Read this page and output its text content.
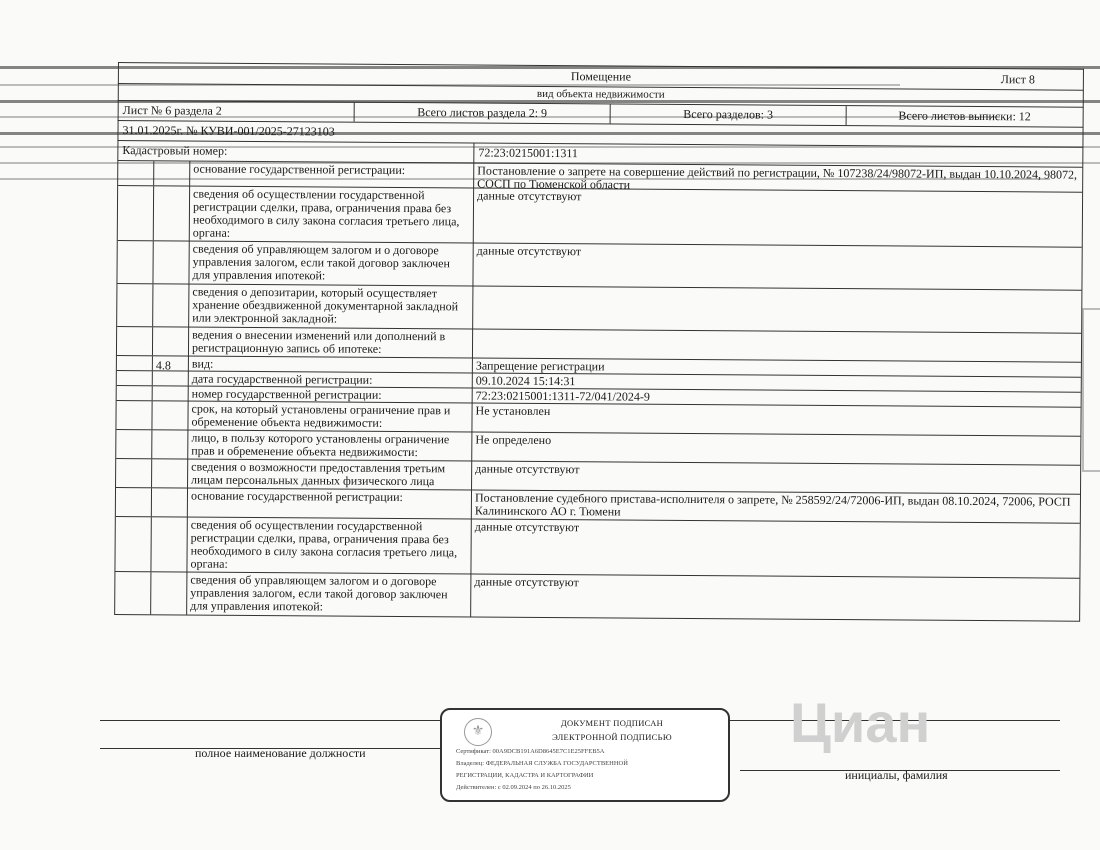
Помещение	Лист 8
вид объекта недвижимости
Лист № 6 раздела 2	Всего листов раздела 2: 9	Всего разделов: 3	Всего листов выписки: 12
31.01.2025г. № КУВИ-001/2025-27123103
Кадастровый номер:	72:23:0215001:1311
основание государственной регистрации:	Постановление о запрете на совершение действий по регистрации, № 107238/24/98072-ИП, выдан 10.10.2024, 98072, СОСП по Тюменской области
сведения об осуществлении государственной регистрации сделки, права, ограничения права без необходимого в силу закона согласия третьего лица, органа:
данные отсутствуют
сведения об управляющем залогом и о договоре управления залогом, если такой договор заключен для управления ипотекой:
данные отсутствуют
сведения о депозитарии, который осуществляет хранение обездвиженной документарной закладной или электронной закладной:
ведения о внесении изменений или дополнений в регистрационную запись об ипотеке:
4.8	вид:	Запрещение регистрации
дата государственной регистрации:	09.10.2024 15:14:31
номер государственной регистрации:	72:23:0215001:1311-72/041/2024-9
срок, на который установлены ограничение прав и обременение объекта недвижимости:
Не установлен
лицо, в пользу которого установлены ограничение прав и обременение объекта недвижимости:
Не определено
сведения о возможности предоставления третьим лицам персональных данных физического лица
данные отсутствуют
основание государственной регистрации:	Постановление судебного пристава-исполнителя о запрете, № 258592/24/72006-ИП, выдан 08.10.2024, 72006, РОСП Калининского АО г. Тюмени
сведения об осуществлении государственной регистрации сделки, права, ограничения права без необходимого в силу закона согласия третьего лица, органа:
данные отсутствуют
сведения об управляющем залогом и о договоре управления залогом, если такой договор заключен для управления ипотекой:
данные отсутствуют
полное наименование должности
инициалы, фамилия
⚜
ДОКУМЕНТ ПОДПИСАН
ЭЛЕКТРОННОЙ ПОДПИСЬЮ
Сертификат: 00A9DCB191A6D8645E7C1E25FFEB5A
Владелец: ФЕДЕРАЛЬНАЯ СЛУЖБА ГОСУДАРСТВЕННОЙ
РЕГИСТРАЦИИ, КАДАСТРА И КАРТОГРАФИИ
Действителен: с 02.09.2024 по 26.10.2025
Циан
